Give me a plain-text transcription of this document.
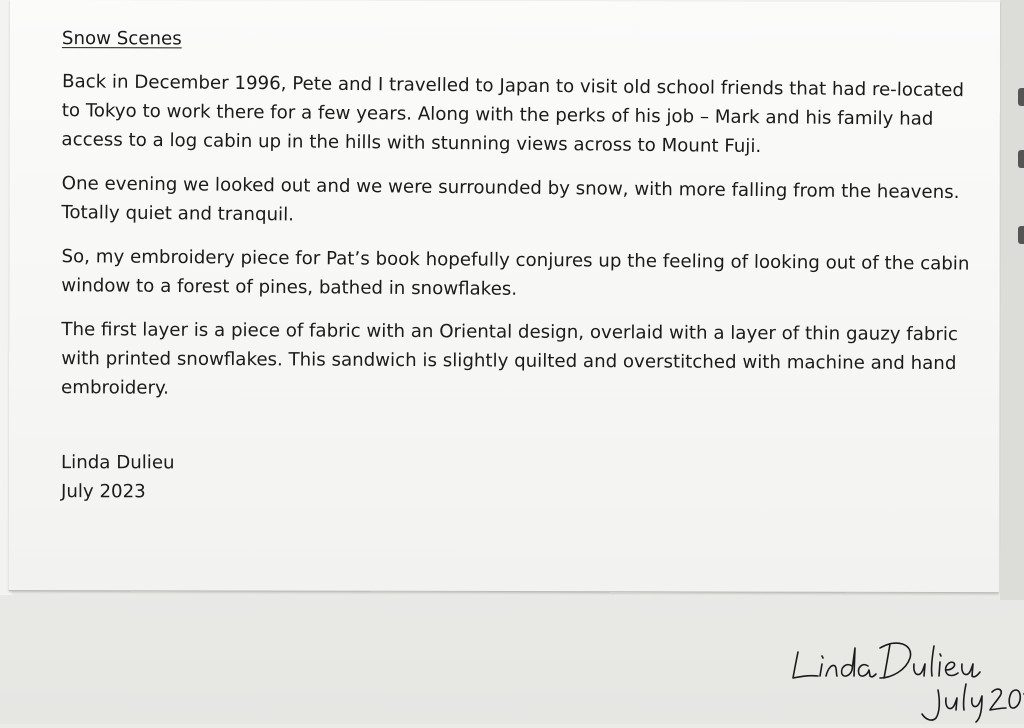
Snow Scenes

Back in December 1996, Pete and I travelled to Japan to visit old school friends that had re-located to Tokyo to work there for a few years. Along with the perks of his job – Mark and his family had access to a log cabin up in the hills with stunning views across to Mount Fuji.

One evening we looked out and we were surrounded by snow, with more falling from the heavens. Totally quiet and tranquil.

So, my embroidery piece for Pat’s book hopefully conjures up the feeling of looking out of the cabin window to a forest of pines, bathed in snowflakes.

The first layer is a piece of fabric with an Oriental design, overlaid with a layer of thin gauzy fabric with printed snowflakes. This sandwich is slightly quilted and overstitched with machine and hand embroidery.

Linda Dulieu
July 2023
